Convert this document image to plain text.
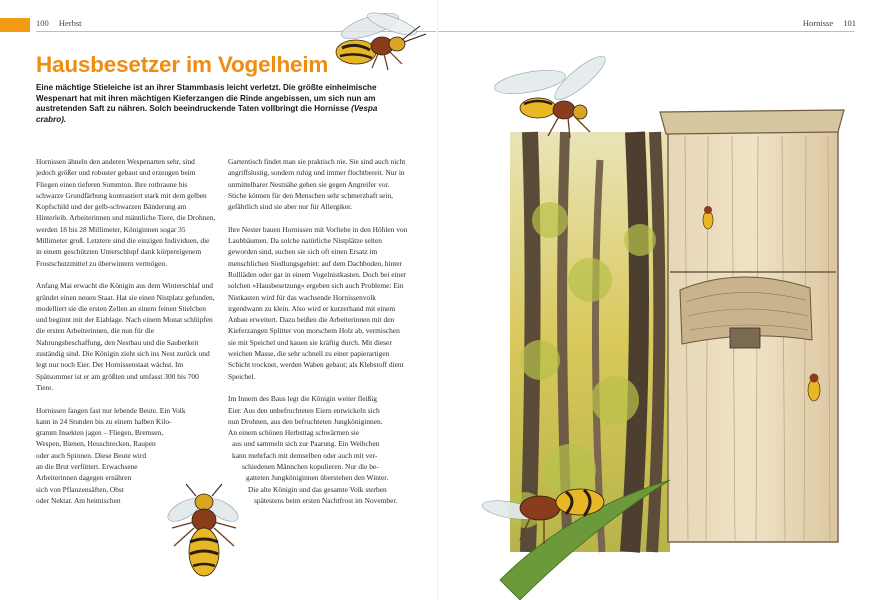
100 Herbst
Hausbesetzer im Vogelheim

Eine mächtige Stieleiche ist an ihrer Stammbasis leicht verletzt. Die größte einheimische Wespenart hat mit ihren mächtigen Kieferzangen die Rinde angebissen, um sich nun am austretenden Saft zu nähren. Solch beeindruckende Taten vollbringt die Hornisse (Vespa crabro).

Hornissen ähneln den anderen Wespenarten sehr, sind jedoch größer und robuster gebaut und erzeugen beim Fliegen einen tieferen Summton. Ihre rotbraune bis schwarze Grundfärbung kontrastiert stark mit dem gelben Kopfschild und der gelb-schwarzen Bänderung am Hinterleib. Arbeiterinnen und männliche Tiere, die Drohnen, werden 18 bis 28 Millimeter, Königinnen sogar 35 Millimeter groß. Letztere sind die einzigen Individuen, die in einem geschützten Unterschlupf dank körpereigenem Frostschutzmittel zu überwintern vermögen.

Anfang Mai erwacht die Königin aus dem Winterschlaf und gründet einen neuen Staat. Hat sie einen Nistplatz gefunden, modelliert sie die ersten Zellen an einem feinen Stielchen und beginnt mit der Eiablage. Nach einem Monat schlüpfen die ersten Arbeiterinnen, die nun für die Nahrungsbeschaffung, den Nestbau und die Sauberkeit zuständig sind. Die Königin zieht sich ins Nest zurück und legt nur noch Eier. Der Hornissenstaat wächst. Im Spätsommer ist er am größten und umfasst 300 bis 700 Tiere.

Hornissen fangen fast nur lebende Beute. Ein Volk
kann in 24 Stunden bis zu einem halben Kilo-
gramm Insekten jagen – Fliegen, Bremsen,
Wespen, Bienen, Heuschrecken, Raupen
oder auch Spinnen. Diese Beute wird
an die Brut verfüttert. Erwachsene
Arbeiterinnen dagegen ernähren
sich von Pflanzensäften, Obst
oder Nektar. Am heimischen

Gartentisch findet man sie praktisch nie. Sie sind auch nicht angriffslustig, sondern ruhig und immer fluchtbereit. Nur in unmittelbarer Nestnähe gehen sie gegen Angreifer vor. Stiche können für den Menschen sehr schmerzhaft sein, gefährlich sind sie aber nur für Allergiker.

Ihre Nester bauen Hornissen mit Vorliebe in den Höhlen von Laubbäumen. Da solche natürliche Nistplätze selten geworden sind, suchen sie sich oft einen Ersatz im menschlichen Siedlungsgebiet: auf dem Dachboden, hinter Rollläden oder gar in einem Vogelnistkasten. Doch bei einer solchen »Hausbesetzung« ergeben sich auch Probleme: Ein Nistkasten wird für das wachsende Hornissenvolk irgendwann zu klein. Also wird er kurzerhand mit einem Anbau erweitert. Dazu beißen die Arbeiterinnen mit den Kieferzangen Splitter von morschem Holz ab, vermischen sie mit Speichel und kauen sie kräftig durch. Mit dieser weichen Masse, die sehr schnell zu einer papierartigen Schicht trocknet, werden Waben gebaut; als Klebstoff dient Speichel.

Im Innern des Baus legt die Königin weiter fleißig
Eier. Aus den unbefruchteten Eiern entwickeln sich
nun Drohnen, aus den befruchteten Jungköniginnen.
An einem schönen Herbsttag schwärmen sie
aus und sammeln sich zur Paarung. Ein Weibchen
kann mehrfach mit demselben oder auch mit ver-
schiedenen Männchen kopulieren. Nur die be-
gatteten Jungköniginnen überstehen den Winter.
Die alte Königin und das gesamte Volk sterben
spätestens beim ersten Nachtfrost im November.

Hornisse 101
